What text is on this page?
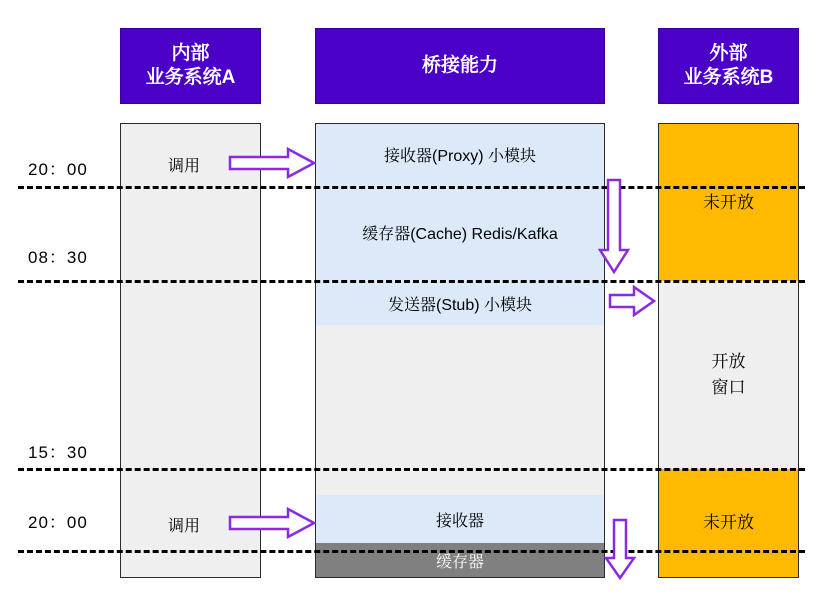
内部
业务系统A
桥接能力
外部
业务系统B
接收器(Proxy) 小模块
缓存器(Cache) Redis/Kafka
发送器(Stub) 小模块
接收器
缓存器
未开放
开放
窗口
未开放
20：00
08：30
15：30
20：00
调用
调用
